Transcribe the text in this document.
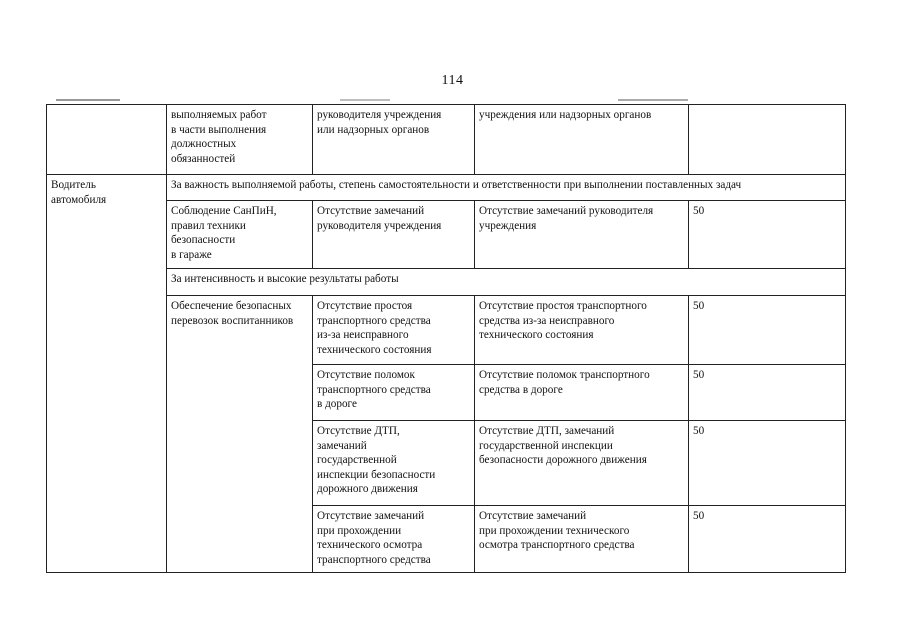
114

	выполняемых работ
в части выполнения
должностных
обязанностей	руководителя учреждения
или надзорных органов	учреждения или надзорных органов	

Водитель
автомобиля	За важность выполняемой работы, степень самостоятельности и ответственности при выполнении поставленных задач			

	Соблюдение СанПиН,
правил техники
безопасности
в гараже	Отсутствие замечаний
руководителя учреждения	Отсутствие замечаний руководителя
учреждения	50

	За интенсивность и высокие результаты работы			

	Обеспечение безопасных
перевозок воспитанников	Отсутствие простоя
транспортного средства
из-за неисправного
технического состояния	Отсутствие простоя транспортного
средства из-за неисправного
технического состояния	50

		Отсутствие поломок
транспортного средства
в дороге	Отсутствие поломок транспортного
средства в дороге	50

		Отсутствие ДТП,
замечаний
государственной
инспекции безопасности
дорожного движения	Отсутствие ДТП, замечаний
государственной инспекции
безопасности дорожного движения	50

		Отсутствие замечаний
при прохождении
технического осмотра
транспортного средства	Отсутствие замечаний
при прохождении технического
осмотра транспортного средства	50
